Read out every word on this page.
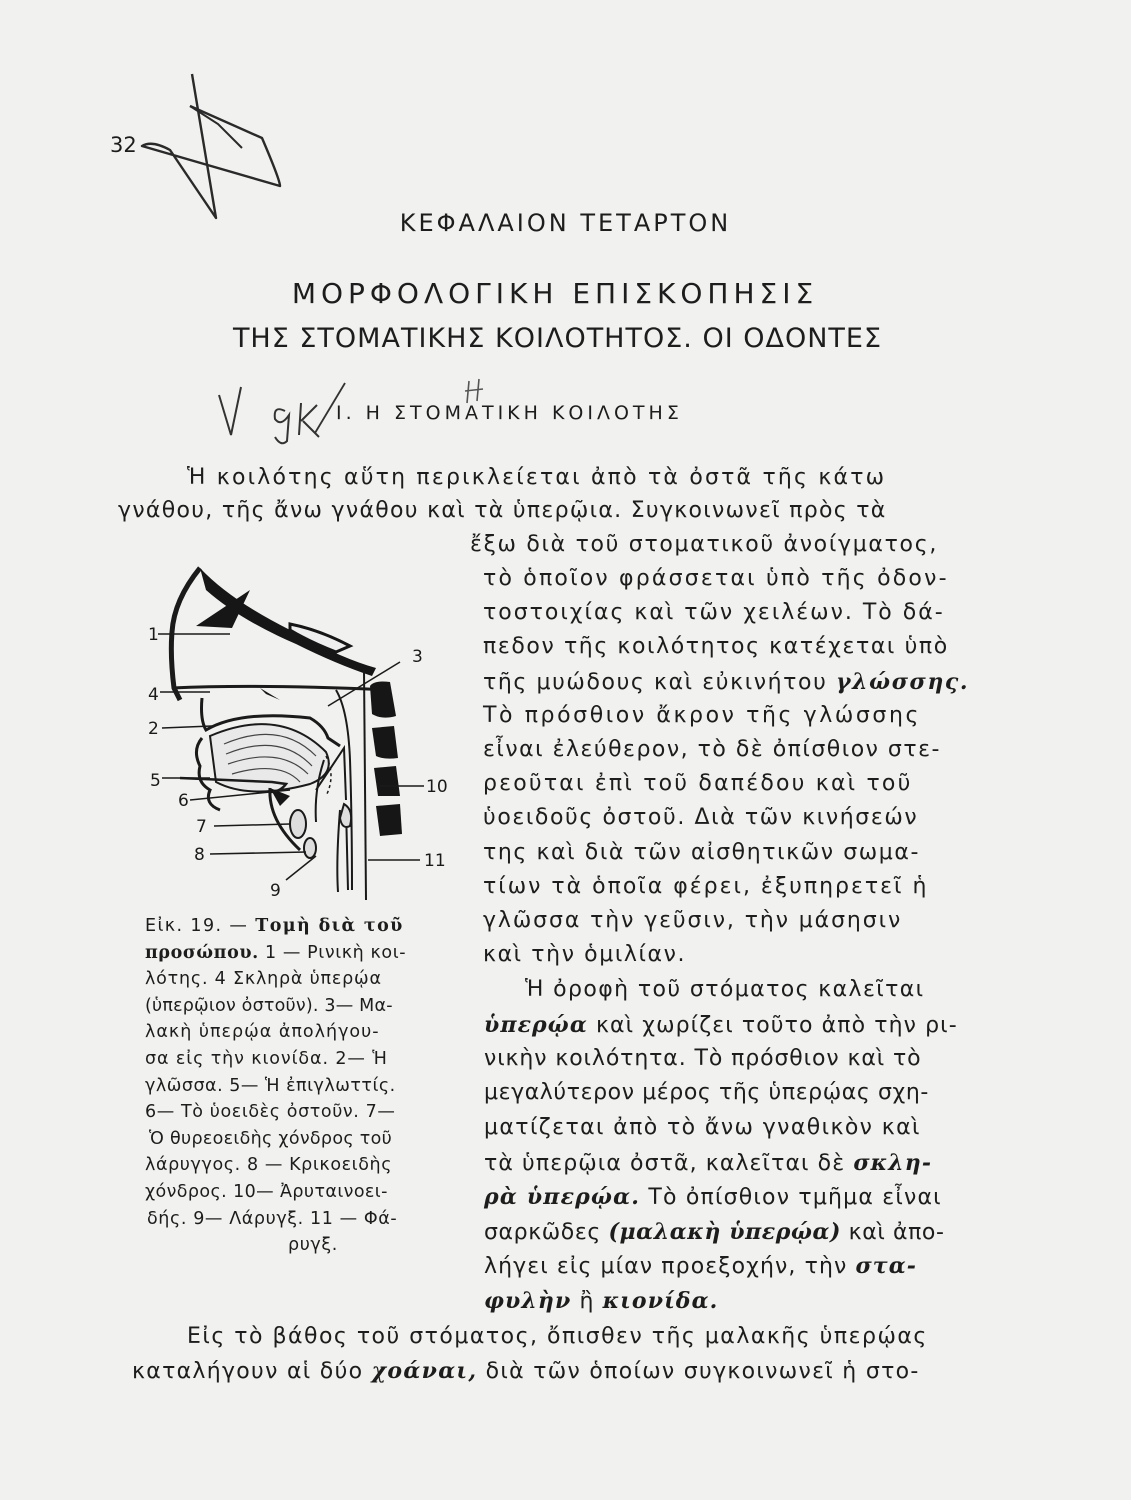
32
ΚΕΦΑΛΑΙΟΝ ΤΕΤΑΡΤΟΝ
ΜΟΡΦΟΛΟΓΙΚΗ ΕΠΙΣΚΟΠΗΣΙΣ
ΤΗΣ ΣΤΟΜΑΤΙΚΗΣ ΚΟΙΛΟΤΗΤΟΣ. ΟΙ ΟΔΟΝΤΕΣ
Ι. Η ΣΤΟΜΑΤΙΚΗ ΚΟΙΛΟΤΗΣ
1
2
3
4
5
6
7
8
9
10
11
Ἡ κοιλότης αὕτη περικλείεται ἀπὸ τὰ ὀστᾶ τῆς κάτω
γνάθου, τῆς ἄνω γνάθου καὶ τὰ ὑπερῷια. Συγκοινωνεῖ πρὸς τὰ
ἔξω διὰ τοῦ στοματικοῦ ἀνοίγματος,
τὸ ὁποῖον φράσσεται ὑπὸ τῆς ὀδον-
τοστοιχίας καὶ τῶν χειλέων. Τὸ δά-
πεδον τῆς κοιλότητος κατέχεται ὑπὸ
τῆς μυώδους καὶ εὐκινήτου γλώσσης.
Τὸ πρόσθιον ἄκρον τῆς γλώσσης
εἶναι ἐλεύθερον, τὸ δὲ ὀπίσθιον στε-
ρεοῦται ἐπὶ τοῦ δαπέδου καὶ τοῦ
ὑοειδοῦς ὀστοῦ. Διὰ τῶν κινήσεών
της καὶ διὰ τῶν αἰσθητικῶν σωμα-
τίων τὰ ὁποῖα φέρει, ἐξυπηρετεῖ ἡ
γλῶσσα τὴν γεῦσιν, τὴν μάσησιν
καὶ τὴν ὁμιλίαν.
Ἡ ὀροφὴ τοῦ στόματος καλεῖται
ὑπερῴα καὶ χωρίζει τοῦτο ἀπὸ τὴν ρι-
νικὴν κοιλότητα. Τὸ πρόσθιον καὶ τὸ
μεγαλύτερον μέρος τῆς ὑπερῴας σχη-
ματίζεται ἀπὸ τὸ ἄνω γναθικὸν καὶ
τὰ ὑπερῷια ὀστᾶ, καλεῖται δὲ σκλη-
ρὰ ὑπερῴα. Τὸ ὀπίσθιον τμῆμα εἶναι
σαρκῶδες (μαλακὴ ὑπερῴα) καὶ ἀπο-
λήγει εἰς μίαν προεξοχήν, τὴν στα-
φυλὴν ἢ κιονίδα.
Εἰς τὸ βάθος τοῦ στόματος, ὄπισθεν τῆς μαλακῆς ὑπερῴας
καταλήγουν αἱ δύο χοάναι, διὰ τῶν ὁποίων συγκοινωνεῖ ἡ στο-
Εἰκ. 19. — Τομὴ διὰ τοῦ
προσώπου. 1 — Ρινικὴ κοι-
λότης. 4 Σκληρὰ ὑπερῴα
(ὑπερῷιον ὀστοῦν). 3— Μα-
λακὴ ὑπερῴα ἀπολήγου-
σα εἰς τὴν κιονίδα. 2— Ἡ
γλῶσσα. 5— Ἡ ἐπιγλωττίς.
6— Τὸ ὑοειδὲς ὀστοῦν. 7—
Ὁ θυρεοειδὴς χόνδρος τοῦ
λάρυγγος. 8 — Κρικοειδὴς
χόνδρος. 10— Ἀρυταινοει-
δής. 9— Λάρυγξ. 11 — Φά-
ρυγξ.
